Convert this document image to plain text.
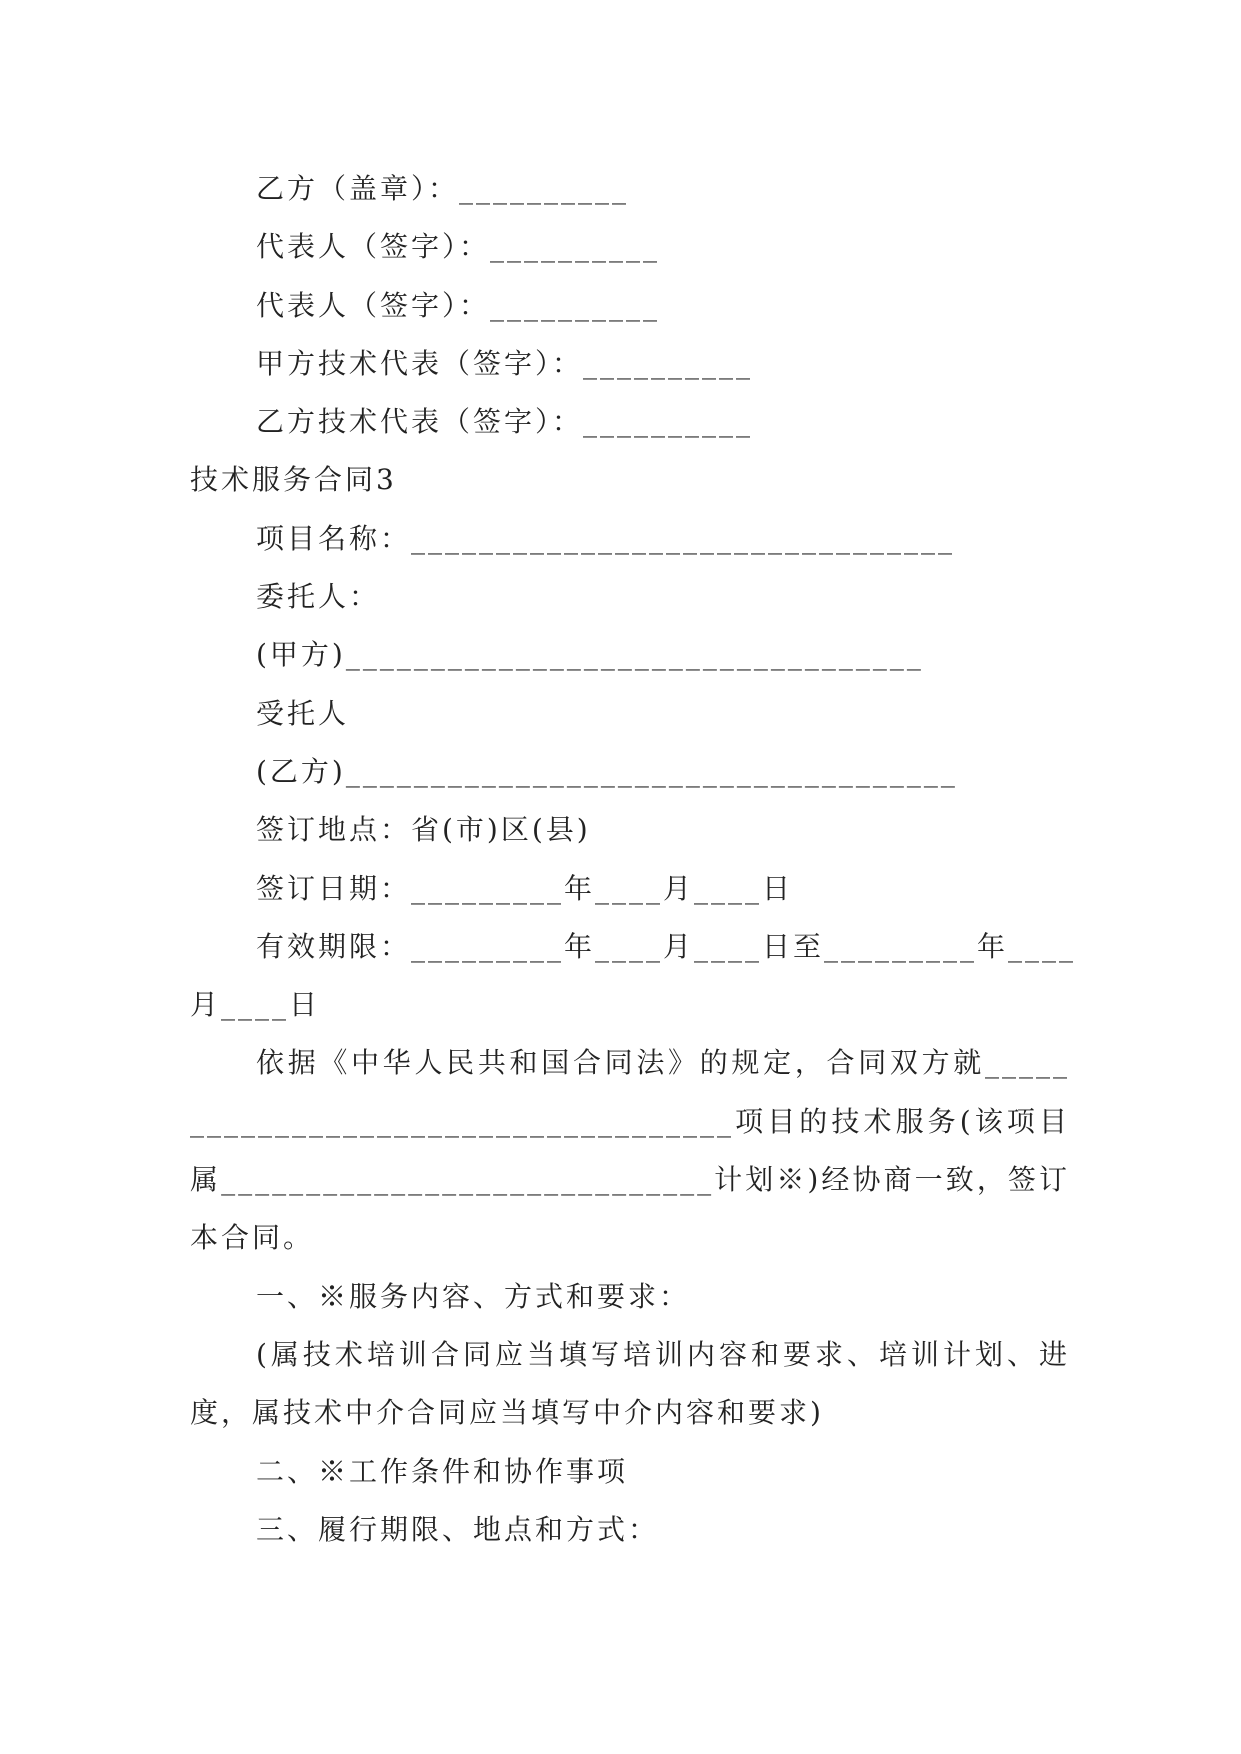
乙方（盖章）：__________

代表人（签字）：__________

代表人（签字）：__________

甲方技术代表（签字）：__________

乙方技术代表（签字）：__________

技术服务合同3

项目名称：________________________________

委托人：

(甲方)__________________________________

受托人

(乙方)____________________________________

签订地点：省(市)区(县)

签订日期：_________年____月____日

有效期限：_________年____月____日至_________年____

月____日

依据《中华人民共和国合同法》的规定，合同双方就_____________________________________项目的技术服务(该项目属_____________________________计划※)经协商一致，签订本合同。

一、※服务内容、方式和要求：

(属技术培训合同应当填写培训内容和要求、培训计划、进度，属技术中介合同应当填写中介内容和要求)

二、※工作条件和协作事项

三、履行期限、地点和方式：
